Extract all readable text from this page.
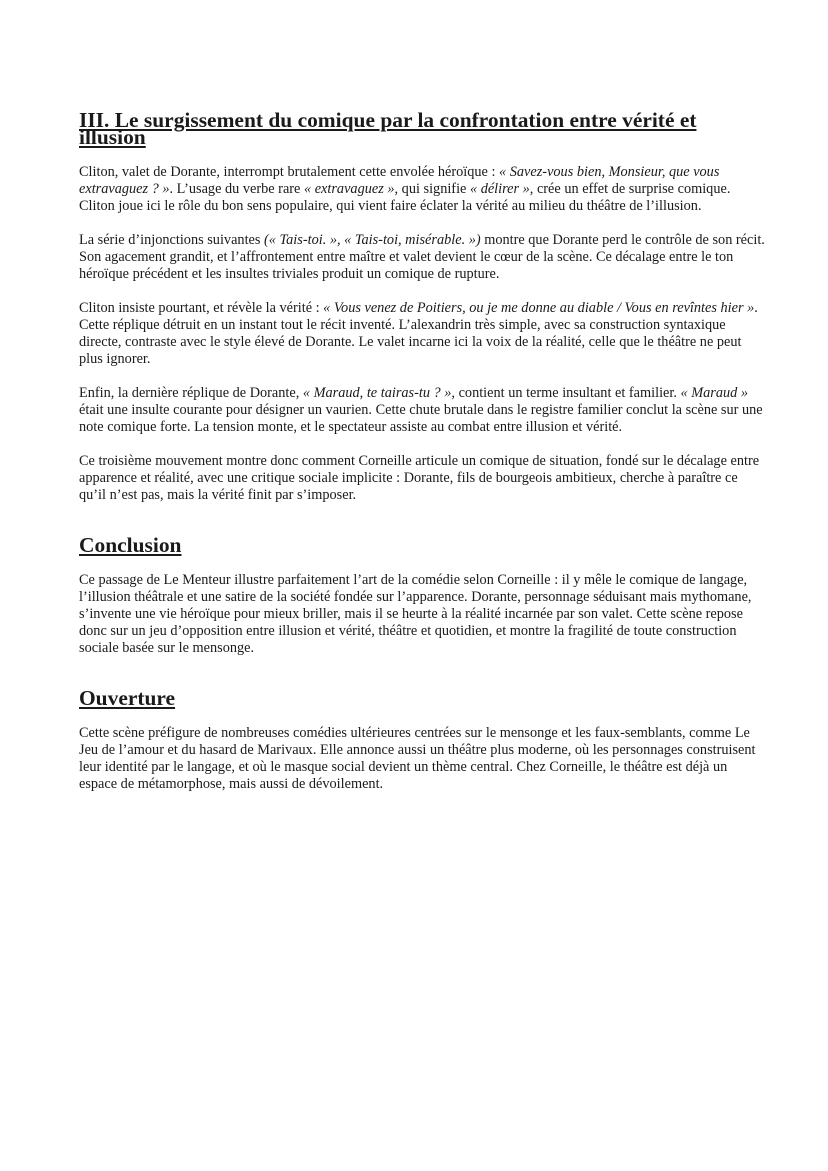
III. Le surgissement du comique par la confrontation entre vérité et illusion

Cliton, valet de Dorante, interrompt brutalement cette envolée héroïque : « Savez-vous bien, Monsieur, que vous extravaguez ? ». L’usage du verbe rare « extravaguez », qui signifie « délirer », crée un effet de surprise comique. Cliton joue ici le rôle du bon sens populaire, qui vient faire éclater la vérité au milieu du théâtre de l’illusion.

La série d’injonctions suivantes (« Tais-toi. », « Tais-toi, misérable. ») montre que Dorante perd le contrôle de son récit. Son agacement grandit, et l’affrontement entre maître et valet devient le cœur de la scène. Ce décalage entre le ton héroïque précédent et les insultes triviales produit un comique de rupture.

Cliton insiste pourtant, et révèle la vérité : « Vous venez de Poitiers, ou je me donne au diable / Vous en revîntes hier ». Cette réplique détruit en un instant tout le récit inventé. L’alexandrin très simple, avec sa construction syntaxique directe, contraste avec le style élevé de Dorante. Le valet incarne ici la voix de la réalité, celle que le théâtre ne peut plus ignorer.

Enfin, la dernière réplique de Dorante, « Maraud, te tairas-tu ? », contient un terme insultant et familier. « Maraud » était une insulte courante pour désigner un vaurien. Cette chute brutale dans le registre familier conclut la scène sur une note comique forte. La tension monte, et le spectateur assiste au combat entre illusion et vérité.

Ce troisième mouvement montre donc comment Corneille articule un comique de situation, fondé sur le décalage entre apparence et réalité, avec une critique sociale implicite : Dorante, fils de bourgeois ambitieux, cherche à paraître ce qu’il n’est pas, mais la vérité finit par s’imposer.

Conclusion

Ce passage de Le Menteur illustre parfaitement l’art de la comédie selon Corneille : il y mêle le comique de langage, l’illusion théâtrale et une satire de la société fondée sur l’apparence. Dorante, personnage séduisant mais mythomane, s’invente une vie héroïque pour mieux briller, mais il se heurte à la réalité incarnée par son valet. Cette scène repose donc sur un jeu d’opposition entre illusion et vérité, théâtre et quotidien, et montre la fragilité de toute construction sociale basée sur le mensonge.

Ouverture

Cette scène préfigure de nombreuses comédies ultérieures centrées sur le mensonge et les faux-semblants, comme Le Jeu de l’amour et du hasard de Marivaux. Elle annonce aussi un théâtre plus moderne, où les personnages construisent leur identité par le langage, et où le masque social devient un thème central. Chez Corneille, le théâtre est déjà un espace de métamorphose, mais aussi de dévoilement.
